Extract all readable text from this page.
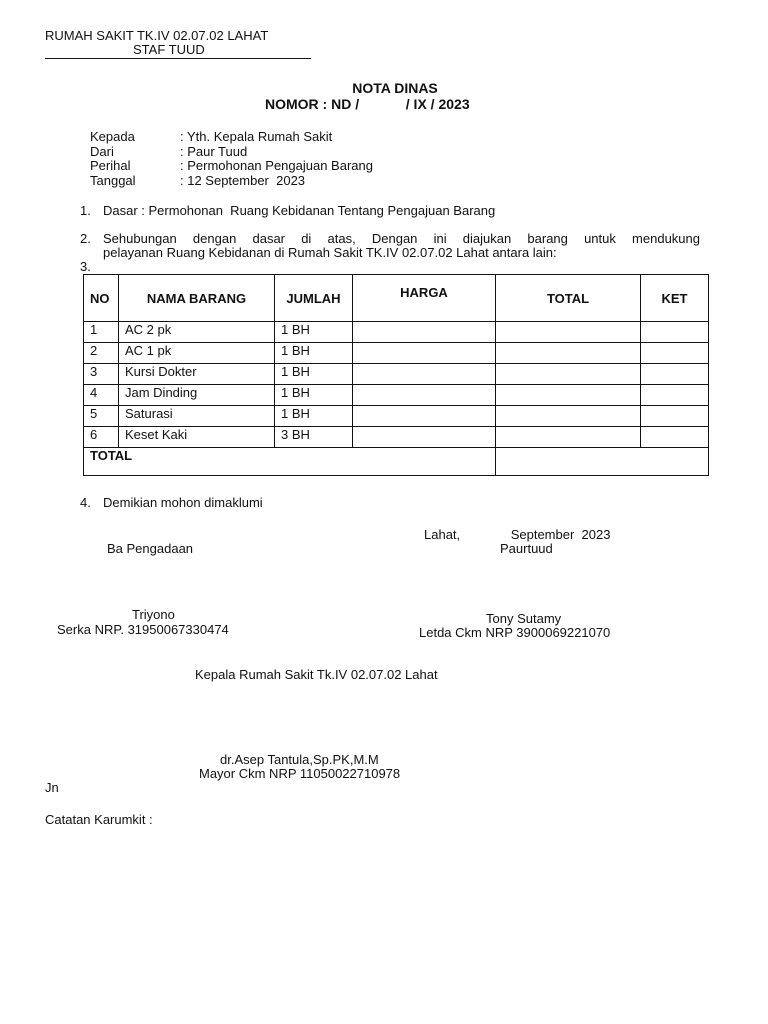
RUMAH SAKIT TK.IV 02.07.02 LAHAT
STAF TUUD
NOTA DINAS
NOMOR : ND /            / IX / 2023
Kepada	: Yth. Kepala Rumah Sakit
Dari	: Paur Tuud
Perihal	: Permohonan Pengajuan Barang
Tanggal	: 12 September  2023
1. Dasar : Permohonan  Ruang Kebidanan Tentang Pengajuan Barang
2. Sehubungan dengan dasar di atas, Dengan ini diajukan barang untuk mendukung
pelayanan Ruang Kebidanan di Rumah Sakit TK.IV 02.07.02 Lahat antara lain:
3.
NO	NAMA BARANG	JUMLAH	HARGA	TOTAL	KET
1	AC 2 pk	1 BH			
2	AC 1 pk	1 BH			
3	Kursi Dokter	1 BH			
4	Jam Dinding	1 BH			
5	Saturasi	1 BH			
6	Keset Kaki	3 BH			
TOTAL					
4. Demikian mohon dimaklumi
Lahat,              September  2023
Ba Pengadaan	Paurtuud
Triyono
Serka NRP. 31950067330474
Tony Sutamy
Letda Ckm NRP 3900069221070
Kepala Rumah Sakit Tk.IV 02.07.02 Lahat
dr.Asep Tantula,Sp.PK,M.M
Mayor Ckm NRP 11050022710978
Jn
Catatan Karumkit :
